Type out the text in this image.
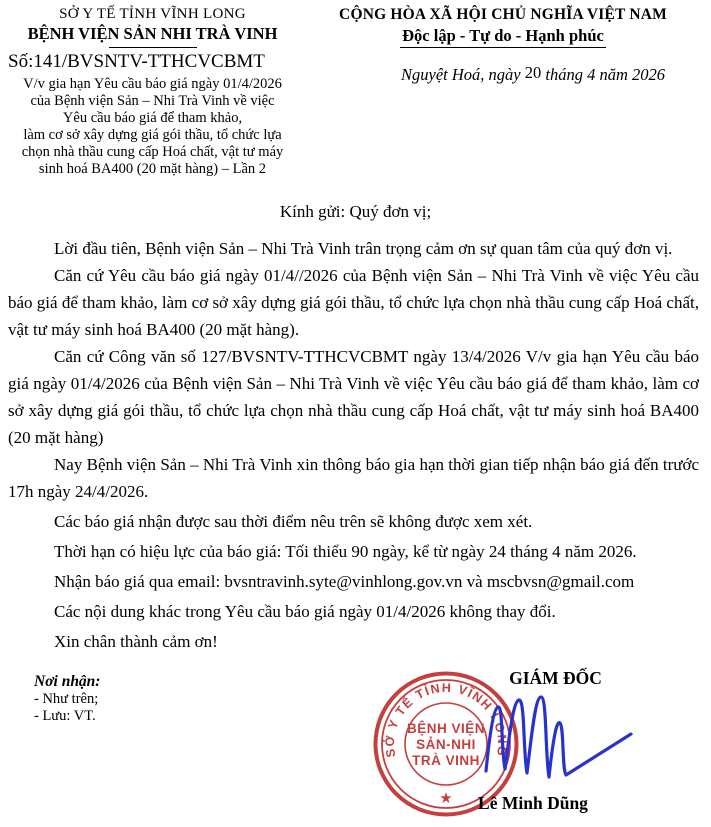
SỞ Y TẾ TỈNH VĨNH LONG
BỆNH VIỆN SẢN NHI TRÀ VINH
Số:141/BVSNTV-TTHCVCBMT
V/v gia hạn Yêu cầu báo giá ngày 01/4/2026
của Bệnh viện Sản – Nhi Trà Vinh về việc
Yêu cầu báo giá để tham khảo,
làm cơ sở xây dựng giá gói thầu, tổ chức lựa
chọn nhà thầu cung cấp Hoá chất, vật tư máy
sinh hoá BA400 (20 mặt hàng) – Lần 2
CỘNG HÒA XÃ HỘI CHỦ NGHĨA VIỆT NAM
Độc lập - Tự do - Hạnh phúc
Nguyệt Hoá, ngày 20 tháng 4 năm 2026
Kính gửi: Quý đơn vị;

Lời đầu tiên, Bệnh viện Sản – Nhi Trà Vinh trân trọng cảm ơn sự quan tâm của quý đơn vị.

Căn cứ Yêu cầu báo giá ngày 01/4//2026 của Bệnh viện Sản – Nhi Trà Vinh về việc Yêu cầu báo giá để tham khảo, làm cơ sở xây dựng giá gói thầu, tổ chức lựa chọn nhà thầu cung cấp Hoá chất, vật tư máy sinh hoá BA400 (20 mặt hàng).

Căn cứ Công văn số 127/BVSNTV-TTHCVCBMT ngày 13/4/2026 V/v gia hạn Yêu cầu báo giá ngày 01/4/2026 của Bệnh viện Sản – Nhi Trà Vinh về việc Yêu cầu báo giá để tham khảo, làm cơ sở xây dựng giá gói thầu, tổ chức lựa chọn nhà thầu cung cấp Hoá chất, vật tư máy sinh hoá BA400 (20 mặt hàng)

Nay Bệnh viện Sản – Nhi Trà Vinh xin thông báo gia hạn thời gian tiếp nhận báo giá đến trước 17h ngày 24/4/2026.

Các báo giá nhận được sau thời điểm nêu trên sẽ không được xem xét.

Thời hạn có hiệu lực của báo giá: Tối thiểu 90 ngày, kể từ ngày 24 tháng 4 năm 2026.

Nhận báo giá qua email: bvsntravinh.syte@vinhlong.gov.vn và mscbvsn@gmail.com

Các nội dung khác trong Yêu cầu báo giá ngày 01/4/2026 không thay đổi.

Xin chân thành cảm ơn!

Nơi nhận:
- Như trên;
- Lưu: VT.
GIÁM ĐỐC
SỞ Y TẾ TỈNH VĨNH LONG
BỆNH VIỆN
SẢN-NHI
TRÀ VINH
★	Lê Minh Dũng
